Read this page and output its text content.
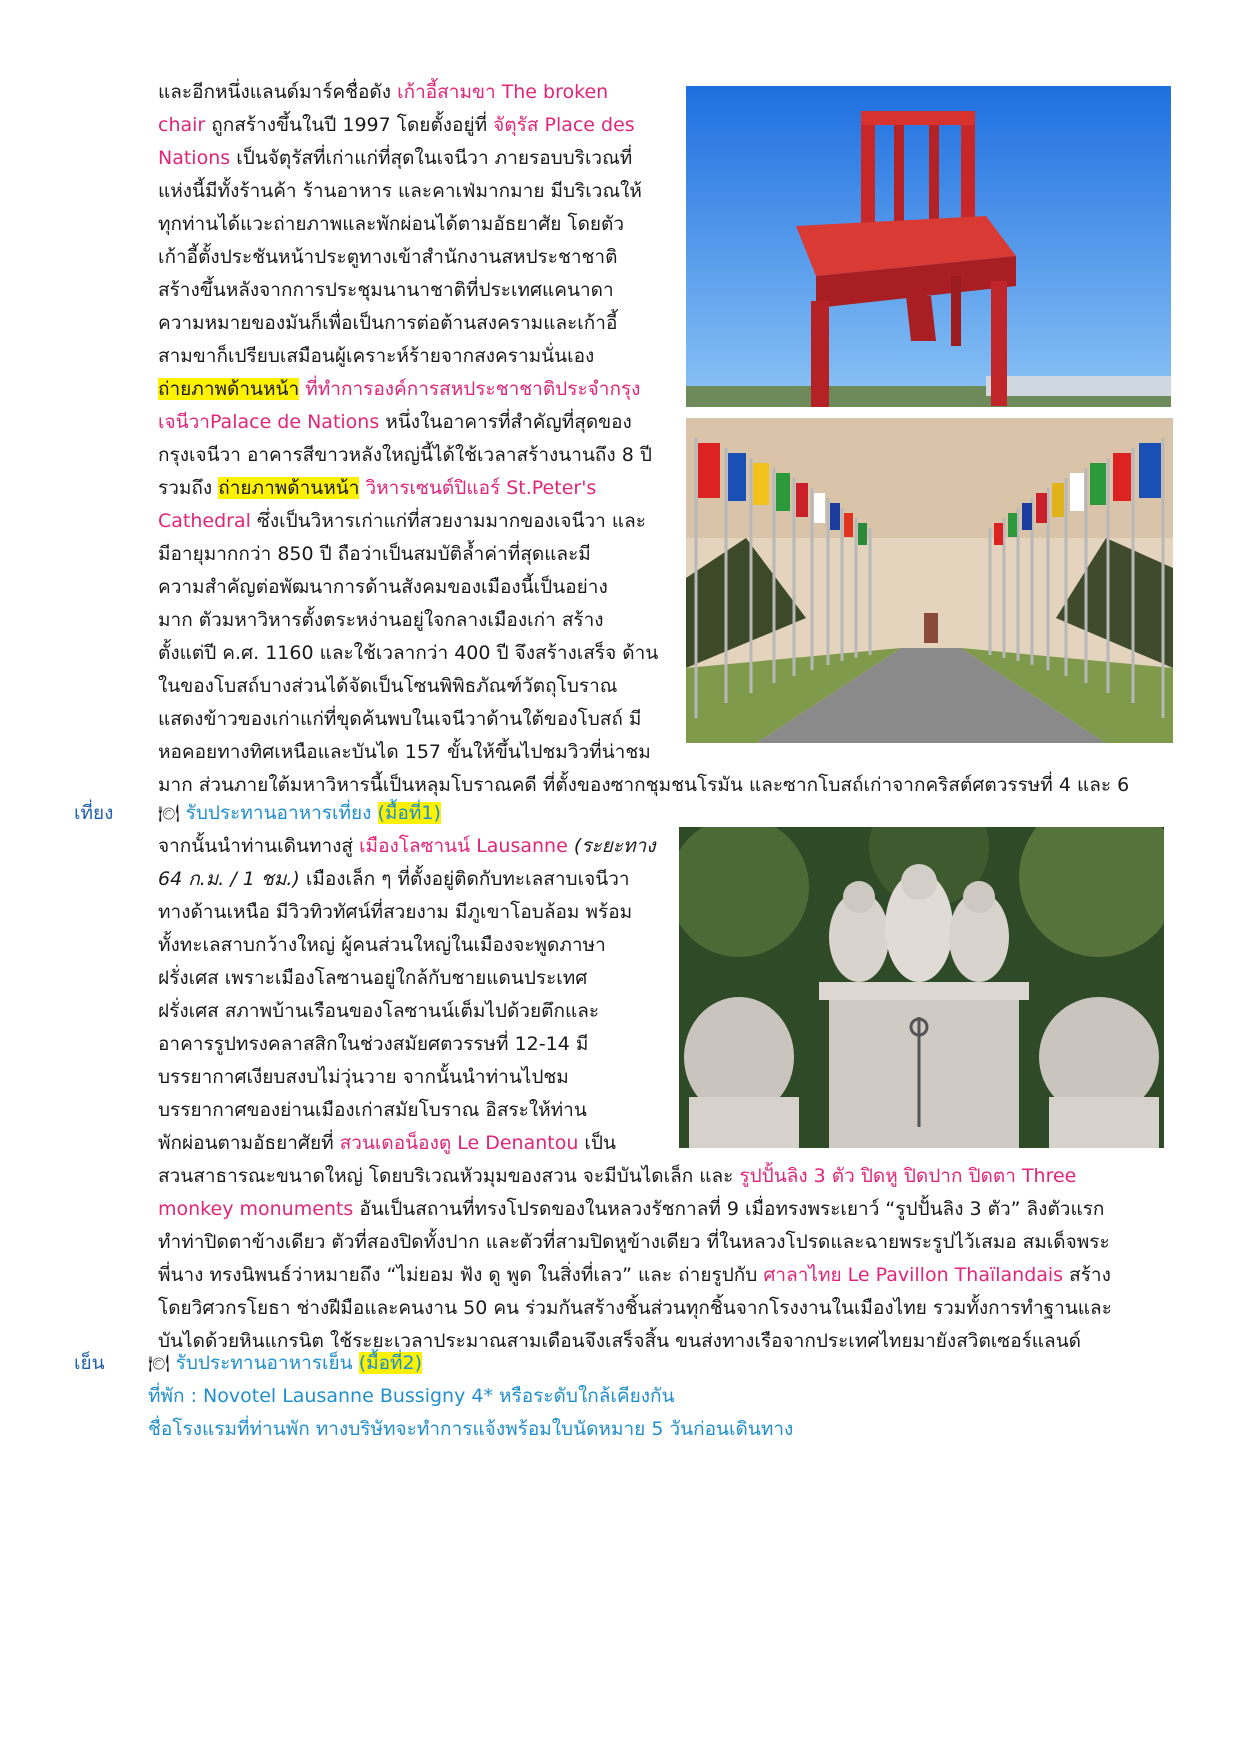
และอีกหนึ่งแลนด์มาร์คชื่อดัง เก้าอี้สามขา The broken
chair ถูกสร้างขึ้นในปี 1997 โดยตั้งอยู่ที่ จัตุรัส Place des
Nations เป็นจัตุรัสที่เก่าแก่ที่สุดในเจนีวา ภายรอบบริเวณที่
แห่งนี้มีทั้งร้านค้า ร้านอาหาร และคาเฟ่มากมาย มีบริเวณให้
ทุกท่านได้แวะถ่ายภาพและพักผ่อนได้ตามอัธยาศัย โดยตัว
เก้าอี้ตั้งประชันหน้าประตูทางเข้าสำนักงานสหประชาชาติ
สร้างขึ้นหลังจากการประชุมนานาชาติที่ประเทศแคนาดา
ความหมายของมันก็เพื่อเป็นการต่อต้านสงครามและเก้าอี้
สามขาก็เปรียบเสมือนผู้เคราะห์ร้ายจากสงครามนั่นเอง
ถ่ายภาพด้านหน้า ที่ทำการองค์การสหประชาชาติประจำกรุง
เจนีวาPalace de Nations หนึ่งในอาคารที่สำคัญที่สุดของ
กรุงเจนีวา อาคารสีขาวหลังใหญ่นี้ได้ใช้เวลาสร้างนานถึง 8 ปี
รวมถึง ถ่ายภาพด้านหน้า วิหารเซนต์ปิแอร์ St.Peter's
Cathedral ซึ่งเป็นวิหารเก่าแก่ที่สวยงามมากของเจนีวา และ
มีอายุมากกว่า 850 ปี ถือว่าเป็นสมบัติล้ำค่าที่สุดและมี
ความสำคัญต่อพัฒนาการด้านสังคมของเมืองนี้เป็นอย่าง
มาก ตัวมหาวิหารตั้งตระหง่านอยู่ใจกลางเมืองเก่า สร้าง
ตั้งแต่ปี ค.ศ. 1160 และใช้เวลากว่า 400 ปี จึงสร้างเสร็จ ด้าน
ในของโบสถ์บางส่วนได้จัดเป็นโซนพิพิธภัณฑ์วัตถุโบราณ
แสดงข้าวของเก่าแก่ที่ขุดค้นพบในเจนีวาด้านใต้ของโบสถ์ มี
หอคอยทางทิศเหนือและบันได 157 ขั้นให้ขึ้นไปชมวิวที่น่าชม
มาก ส่วนภายใต้มหาวิหารนี้เป็นหลุมโบราณคดี ที่ตั้งของซากชุมชนโรมัน และซากโบสถ์เก่าจากคริสต์ศตวรรษที่ 4 และ 6
เที่ยง	🍽 รับประทานอาหารเที่ยง (มื้อที่1)
จากนั้นนำท่านเดินทางสู่ เมืองโลซานน์ Lausanne (ระยะทาง
64 ก.ม. / 1 ชม.) เมืองเล็ก ๆ ที่ตั้งอยู่ติดกับทะเลสาบเจนีวา
ทางด้านเหนือ มีวิวทิวทัศน์ที่สวยงาม มีภูเขาโอบล้อม พร้อม
ทั้งทะเลสาบกว้างใหญ่ ผู้คนส่วนใหญ่ในเมืองจะพูดภาษา
ฝรั่งเศส เพราะเมืองโลซานอยู่ใกล้กับชายแดนประเทศ
ฝรั่งเศส สภาพบ้านเรือนของโลซานน์เต็มไปด้วยตึกและ
อาคารรูปทรงคลาสสิกในช่วงสมัยศตวรรษที่ 12-14 มี
บรรยากาศเงียบสงบไม่วุ่นวาย จากนั้นนำท่านไปชม
บรรยากาศของย่านเมืองเก่าสมัยโบราณ อิสระให้ท่าน
พักผ่อนตามอัธยาศัยที่ สวนเดอน็องตู Le Denantou เป็น
สวนสาธารณะขนาดใหญ่ โดยบริเวณหัวมุมของสวน จะมีบันไดเล็ก และ รูปปั้นลิง 3 ตัว ปิดหู ปิดปาก ปิดตา Three
monkey monuments อันเป็นสถานที่ทรงโปรดของในหลวงรัชกาลที่ 9 เมื่อทรงพระเยาว์ “รูปปั้นลิง 3 ตัว” ลิงตัวแรก
ทำท่าปิดตาข้างเดียว ตัวที่สองปิดทั้งปาก และตัวที่สามปิดหูข้างเดียว ที่ในหลวงโปรดและฉายพระรูปไว้เสมอ สมเด็จพระ
พี่นาง ทรงนิพนธ์ว่าหมายถึง “ไม่ยอม ฟัง ดู พูด ในสิ่งที่เลว” และ ถ่ายรูปกับ ศาลาไทย Le Pavillon Thaïlandais สร้าง
โดยวิศวกรโยธา ช่างฝีมือและคนงาน 50 คน ร่วมกันสร้างชิ้นส่วนทุกชิ้นจากโรงงานในเมืองไทย รวมทั้งการทำฐานและ
บันไดด้วยหินแกรนิต ใช้ระยะเวลาประมาณสามเดือนจึงเสร็จสิ้น ขนส่งทางเรือจากประเทศไทยมายังสวิตเซอร์แลนด์
เย็น	🍽 รับประทานอาหารเย็น (มื้อที่2)
ที่พัก : Novotel Lausanne Bussigny 4* หรือระดับใกล้เคียงกัน
ชื่อโรงแรมที่ท่านพัก ทางบริษัทจะทำการแจ้งพร้อมใบนัดหมาย 5 วันก่อนเดินทาง
